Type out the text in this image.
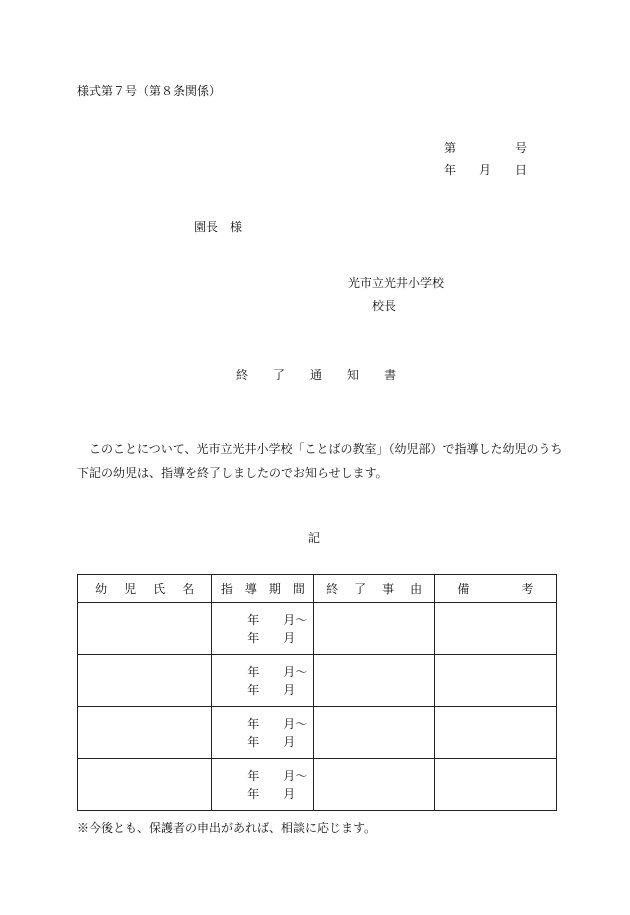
様式第７号（第８条関係）
第	号
年 月 日
園長 様
光市立光井小学校
校長
終 了 通 知 書
このことについて、光市立光井小学校「ことばの教室」（幼児部）で指導した幼児のうち
下記の幼児は、指導を終了しましたのでお知らせします。
記
幼 児 氏 名	指 導 期 間	終 了 事 由	備 考

	年 月～
年 月		

	年 月～
年 月		

	年 月～
年 月		

	年 月～
年 月		

※今後とも、保護者の申出があれば、相談に応じます。
